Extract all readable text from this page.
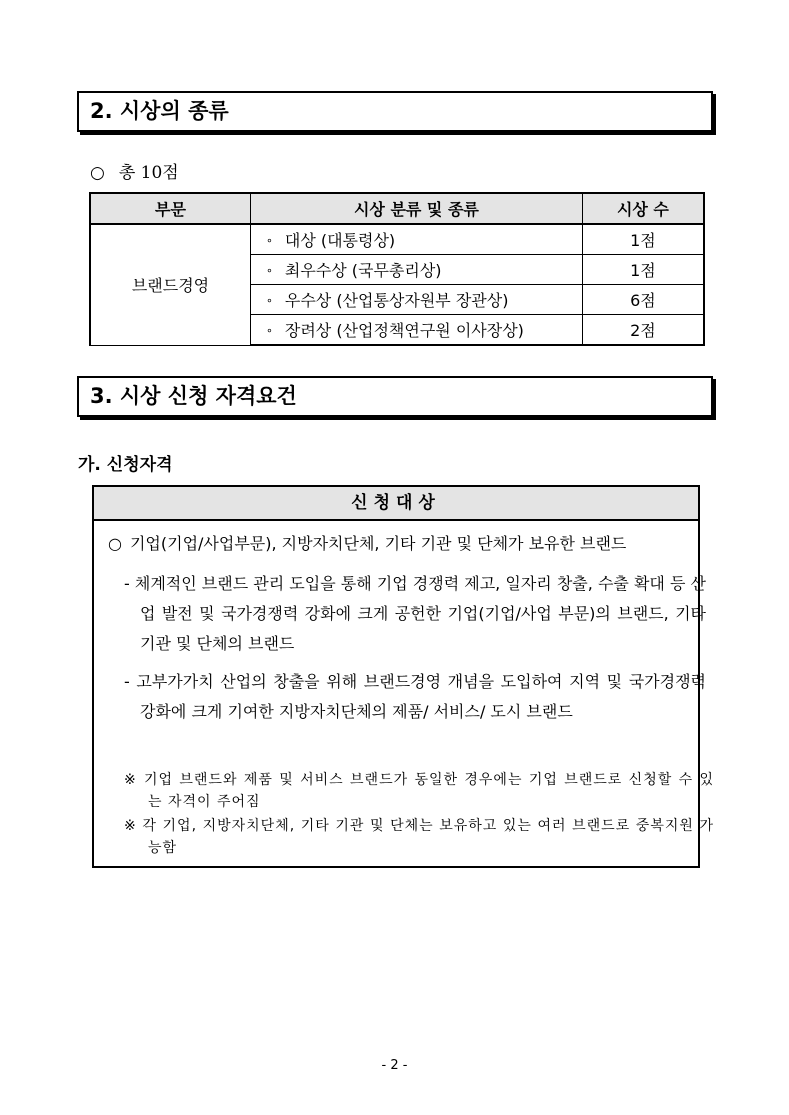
2. 시상의 종류
○ 총 10점
부문	시상 분류 및 종류	시상 수
브랜드경영	∘ 대상 (대통령상)	1점
	∘ 최우수상 (국무총리상)	1점
	∘ 우수상 (산업통상자원부 장관상)	6점
	∘ 장려상 (산업정책연구원 이사장상)	2점
3. 시상 신청 자격요건
가. 신청자격
신청대상
○ 기업(기업/사업부문), 지방자치단체, 기타 기관 및 단체가 보유한 브랜드
- 체계적인 브랜드 관리 도입을 통해 기업 경쟁력 제고, 일자리 창출, 수출 확대 등 산업 발전 및 국가경쟁력 강화에 크게 공헌한 기업(기업/사업 부문)의 브랜드, 기타 기관 및 단체의 브랜드
- 고부가가치 산업의 창출을 위해 브랜드경영 개념을 도입하여 지역 및 국가경쟁력 강화에 크게 기여한 지방자치단체의 제품/ 서비스/ 도시 브랜드
※ 기업 브랜드와 제품 및 서비스 브랜드가 동일한 경우에는 기업 브랜드로 신청할 수 있는 자격이 주어짐
※ 각 기업, 지방자치단체, 기타 기관 및 단체는 보유하고 있는 여러 브랜드로 중복지원 가능함
- 2 -
